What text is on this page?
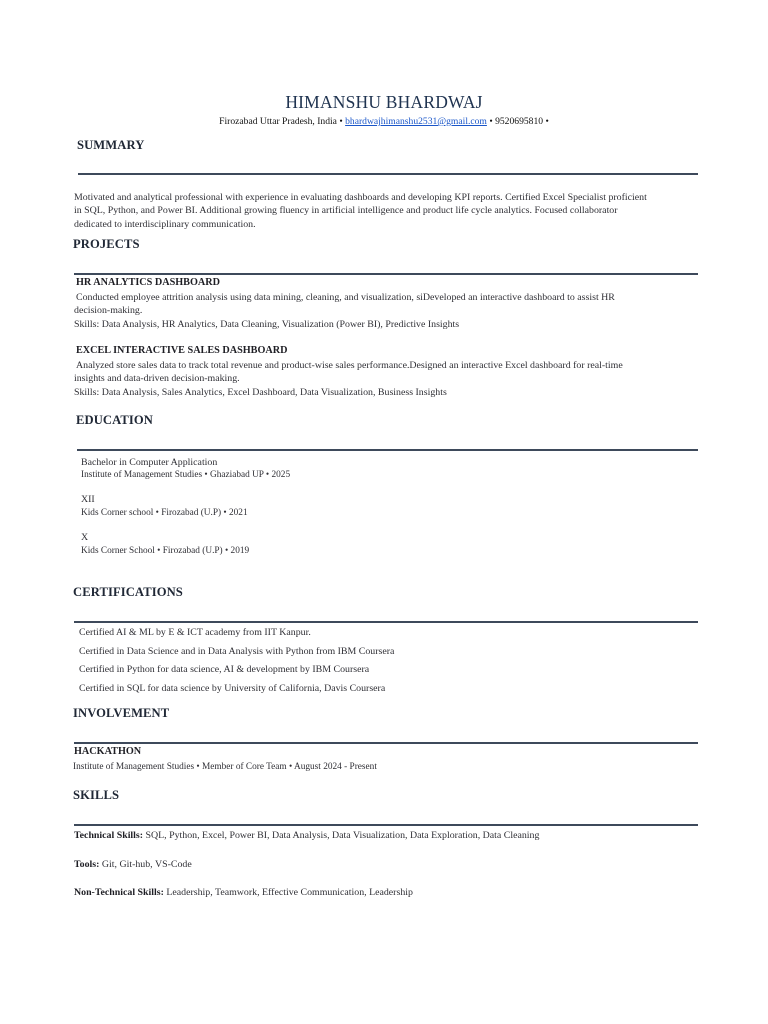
HIMANSHU BHARDWAJ
Firozabad Uttar Pradesh, India • bhardwajhimanshu2531@gmail.com • 9520695810 •
SUMMARY
Motivated and analytical professional with experience in evaluating dashboards and developing KPI reports. Certified Excel Specialist proficient
in SQL, Python, and Power BI. Additional growing fluency in artificial intelligence and product life cycle analytics. Focused collaborator
dedicated to interdisciplinary communication.
PROJECTS
HR ANALYTICS DASHBOARD
Conducted employee attrition analysis using data mining, cleaning, and visualization, siDeveloped an interactive dashboard to assist HR
decision-making.
Skills: Data Analysis, HR Analytics, Data Cleaning, Visualization (Power BI), Predictive Insights
EXCEL INTERACTIVE SALES DASHBOARD
Analyzed store sales data to track total revenue and product-wise sales performance.Designed an interactive Excel dashboard for real-time
insights and data-driven decision-making.
Skills: Data Analysis, Sales Analytics, Excel Dashboard, Data Visualization, Business Insights
EDUCATION
Bachelor in Computer Application
Institute of Management Studies • Ghaziabad UP • 2025
XII
Kids Corner school • Firozabad (U.P) • 2021
X
Kids Corner School • Firozabad (U.P) • 2019
CERTIFICATIONS
Certified AI & ML by E & ICT academy from IIT Kanpur.
Certified in Data Science and in Data Analysis with Python from IBM Coursera
Certified in Python for data science, AI & development by IBM Coursera
Certified in SQL for data science by University of California, Davis Coursera
INVOLVEMENT
HACKATHON
Institute of Management Studies • Member of Core Team • August 2024 - Present
SKILLS
Technical Skills: SQL, Python, Excel, Power BI, Data Analysis, Data Visualization, Data Exploration, Data Cleaning
Tools: Git, Git-hub, VS-Code
Non-Technical Skills: Leadership, Teamwork, Effective Communication, Leadership
